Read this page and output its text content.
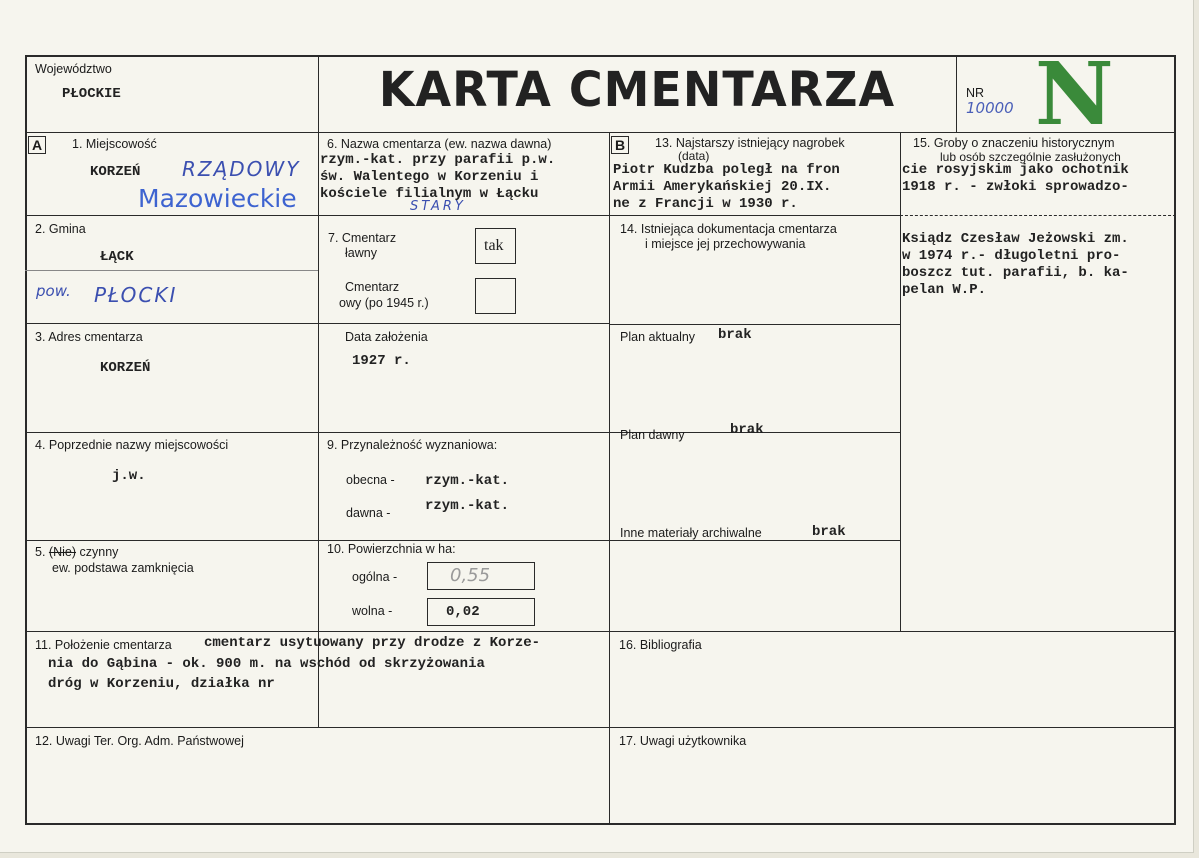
Województwo
PŁOCKIE	KARTA CMENTARZA	NR
10000 N
A	1. Miejscowość
KORZEŃ RZĄDOWY
Mazowieckie
2. Gmina
ŁĄCK
pow. PŁOCKI
3. Adres cmentarza
KORZEŃ
4. Poprzednie nazwy miejscowości
j.w.
5. (Nie) czynny
ew. podstawa zamknięcia
6. Nazwa cmentarza (ew. nazwa dawna)
rzym.-kat. przy parafii p.w.
św. Walentego w Korzeniu i
kościele filialnym w Łącku
STARY
7. Cmentarz
ławny	tak
Cmentarz
owy (po 1945 r.)
Data założenia
1927 r.
9. Przynależność wyznaniowa:
obecna - rzym.-kat.
dawna - rzym.-kat.
10. Powierzchnia w ha:
ogólna -	0,55
wolna -	0,02
B	13. Najstarszy istniejący nagrobek
(data)
Piotr Kudzba poległ na fron
Armii Amerykańskiej 20.IX.
ne z Francji w 1930 r.
14. Istniejąca dokumentacja cmentarza
i miejsce jej przechowywania
Plan aktualny brak
Plan dawny	brak
Inne materiały archiwalne	brak
15. Groby o znaczeniu historycznym
lub osób szczególnie zasłużonych
cie rosyjskim jako ochotnik
1918 r. - zwłoki sprowadzo-
Ksiądz Czesław Jeżowski zm.
w 1974 r.- długoletni pro-
boszcz tut. parafii, b. ka-
pelan W.P.
11. Położenie cmentarza cmentarz usytuowany przy drodze z Korze-
nia do Gąbina - ok. 900 m. na wschód od skrzyżowania
dróg w Korzeniu, działka nr
16. Bibliografia
12. Uwagi Ter. Org. Adm. Państwowej	17. Uwagi użytkownika
